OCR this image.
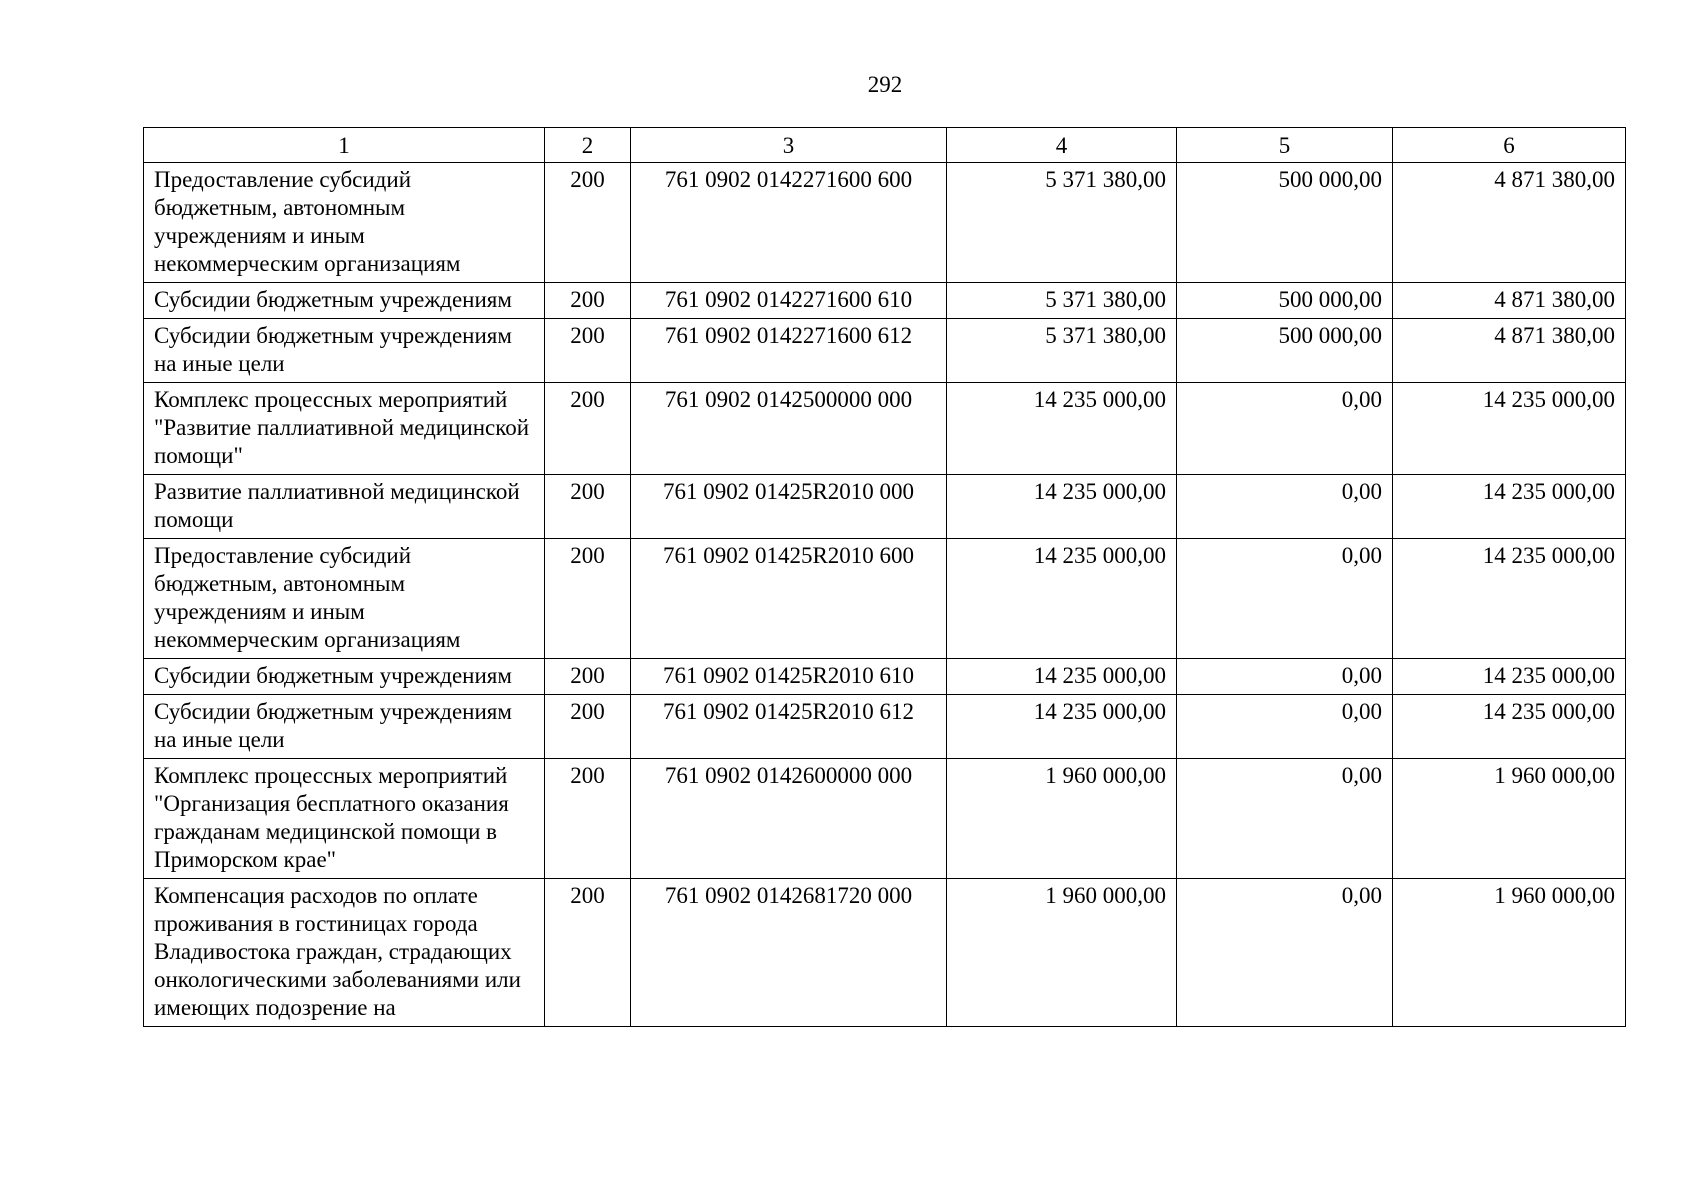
292
1	2	3	4	5	6
Предоставление субсидий бюджетным, автономным учреждениям и иным некоммерческим организациям	200	761 0902 0142271600 600	5 371 380,00	500 000,00	4 871 380,00
Субсидии бюджетным учреждениям	200	761 0902 0142271600 610	5 371 380,00	500 000,00	4 871 380,00
Субсидии бюджетным учреждениям на иные цели	200	761 0902 0142271600 612	5 371 380,00	500 000,00	4 871 380,00
Комплекс процессных мероприятий "Развитие паллиативной медицинской помощи"	200	761 0902 0142500000 000	14 235 000,00	0,00	14 235 000,00
Развитие паллиативной медицинской помощи	200	761 0902 01425R2010 000	14 235 000,00	0,00	14 235 000,00
Предоставление субсидий бюджетным, автономным учреждениям и иным некоммерческим организациям	200	761 0902 01425R2010 600	14 235 000,00	0,00	14 235 000,00
Субсидии бюджетным учреждениям	200	761 0902 01425R2010 610	14 235 000,00	0,00	14 235 000,00
Субсидии бюджетным учреждениям на иные цели	200	761 0902 01425R2010 612	14 235 000,00	0,00	14 235 000,00
Комплекс процессных мероприятий "Организация бесплатного оказания гражданам медицинской помощи в Приморском крае"	200	761 0902 0142600000 000	1 960 000,00	0,00	1 960 000,00
Компенсация расходов по оплате проживания в гостиницах города Владивостока граждан, страдающих онкологическими заболеваниями или имеющих подозрение на	200	761 0902 0142681720 000	1 960 000,00	0,00	1 960 000,00
